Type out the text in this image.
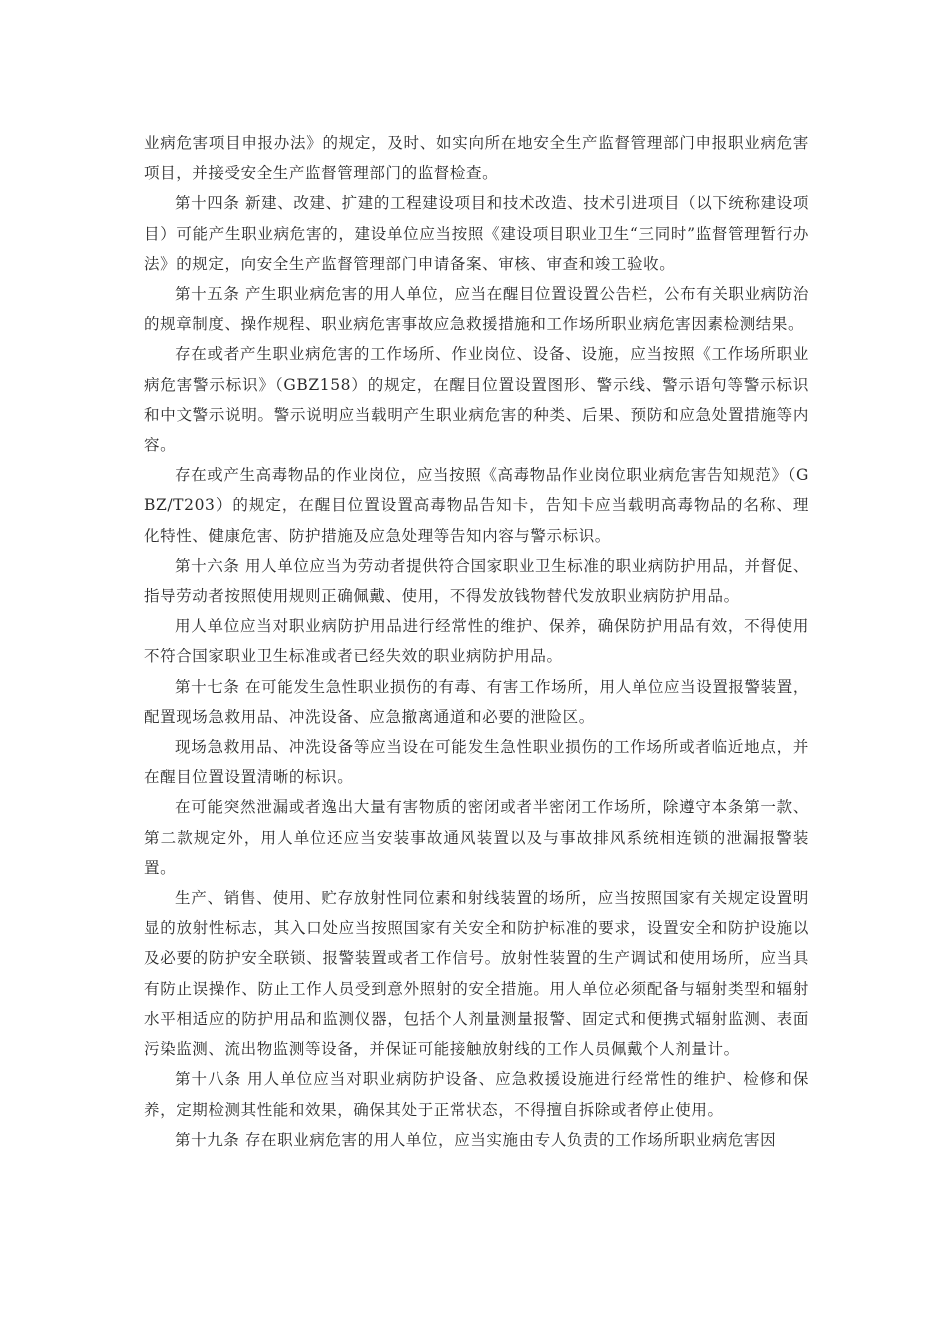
业病危害项目申报办法》的规定，及时、如实向所在地安全生产监督管理部门申报职业病危害项目，并接受安全生产监督管理部门的监督检查。

第十四条 新建、改建、扩建的工程建设项目和技术改造、技术引进项目（以下统称建设项目）可能产生职业病危害的，建设单位应当按照《建设项目职业卫生“三同时”监督管理暂行办法》的规定，向安全生产监督管理部门申请备案、审核、审查和竣工验收。

第十五条 产生职业病危害的用人单位，应当在醒目位置设置公告栏，公布有关职业病防治的规章制度、操作规程、职业病危害事故应急救援措施和工作场所职业病危害因素检测结果。

存在或者产生职业病危害的工作场所、作业岗位、设备、设施，应当按照《工作场所职业病危害警示标识》（GBZ158）的规定，在醒目位置设置图形、警示线、警示语句等警示标识和中文警示说明。警示说明应当载明产生职业病危害的种类、后果、预防和应急处置措施等内容。

存在或产生高毒物品的作业岗位，应当按照《高毒物品作业岗位职业病危害告知规范》（GBZ/T203）的规定，在醒目位置设置高毒物品告知卡，告知卡应当载明高毒物品的名称、理化特性、健康危害、防护措施及应急处理等告知内容与警示标识。

第十六条 用人单位应当为劳动者提供符合国家职业卫生标准的职业病防护用品，并督促、指导劳动者按照使用规则正确佩戴、使用，不得发放钱物替代发放职业病防护用品。

用人单位应当对职业病防护用品进行经常性的维护、保养，确保防护用品有效，不得使用不符合国家职业卫生标准或者已经失效的职业病防护用品。

第十七条 在可能发生急性职业损伤的有毒、有害工作场所，用人单位应当设置报警装置，配置现场急救用品、冲洗设备、应急撤离通道和必要的泄险区。

现场急救用品、冲洗设备等应当设在可能发生急性职业损伤的工作场所或者临近地点，并在醒目位置设置清晰的标识。

在可能突然泄漏或者逸出大量有害物质的密闭或者半密闭工作场所，除遵守本条第一款、第二款规定外，用人单位还应当安装事故通风装置以及与事故排风系统相连锁的泄漏报警装置。

生产、销售、使用、贮存放射性同位素和射线装置的场所，应当按照国家有关规定设置明显的放射性标志，其入口处应当按照国家有关安全和防护标准的要求，设置安全和防护设施以及必要的防护安全联锁、报警装置或者工作信号。放射性装置的生产调试和使用场所，应当具有防止误操作、防止工作人员受到意外照射的安全措施。用人单位必须配备与辐射类型和辐射水平相适应的防护用品和监测仪器，包括个人剂量测量报警、固定式和便携式辐射监测、表面污染监测、流出物监测等设备，并保证可能接触放射线的工作人员佩戴个人剂量计。

第十八条 用人单位应当对职业病防护设备、应急救援设施进行经常性的维护、检修和保养，定期检测其性能和效果，确保其处于正常状态，不得擅自拆除或者停止使用。

第十九条 存在职业病危害的用人单位，应当实施由专人负责的工作场所职业病危害因
